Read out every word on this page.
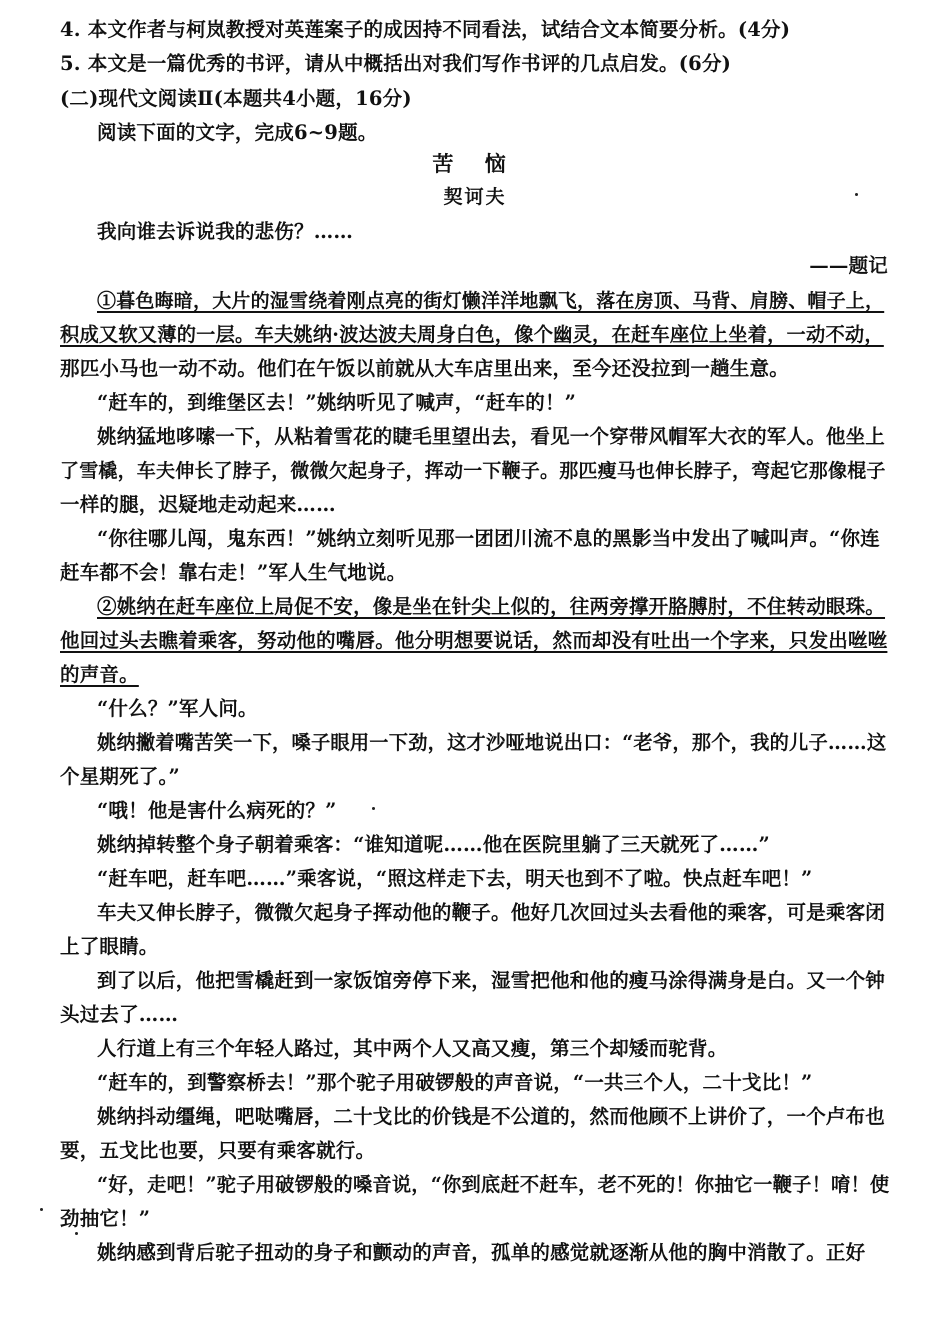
4. 本文作者与柯岚教授对英莲案子的成因持不同看法，试结合文本简要分析。(4分)
5. 本文是一篇优秀的书评，请从中概括出对我们写作书评的几点启发。(6分)
(二)现代文阅读Ⅱ(本题共4小题，16分)
阅读下面的文字，完成6~9题。
苦 恼
契诃夫
我向谁去诉说我的悲伤？……
——题记
①暮色晦暗，大片的湿雪绕着刚点亮的街灯懒洋洋地飘飞，落在房顶、马背、肩膀、帽子上，
积成又软又薄的一层。车夫姚纳·波达波夫周身白色，像个幽灵，在赶车座位上坐着，一动不动，
那匹小马也一动不动。他们在午饭以前就从大车店里出来，至今还没拉到一趟生意。
“赶车的，到维堡区去！”姚纳听见了喊声，“赶车的！”
姚纳猛地哆嗦一下，从粘着雪花的睫毛里望出去，看见一个穿带风帽军大衣的军人。他坐上
了雪橇，车夫伸长了脖子，微微欠起身子，挥动一下鞭子。那匹瘦马也伸长脖子，弯起它那像棍子
一样的腿，迟疑地走动起来……
“你往哪儿闯，鬼东西！”姚纳立刻听见那一团团川流不息的黑影当中发出了喊叫声。“你连
赶车都不会！靠右走！”军人生气地说。
②姚纳在赶车座位上局促不安，像是坐在针尖上似的，往两旁撑开胳膊肘，不住转动眼珠。
他回过头去瞧着乘客，努动他的嘴唇。他分明想要说话，然而却没有吐出一个字来，只发出咝咝
的声音。
“什么？”军人问。
姚纳撇着嘴苦笑一下，嗓子眼用一下劲，这才沙哑地说出口：“老爷，那个，我的儿子……这
个星期死了。”
“哦！他是害什么病死的？”
姚纳掉转整个身子朝着乘客：“谁知道呢……他在医院里躺了三天就死了……”
“赶车吧，赶车吧……”乘客说，“照这样走下去，明天也到不了啦。快点赶车吧！”
车夫又伸长脖子，微微欠起身子挥动他的鞭子。他好几次回过头去看他的乘客，可是乘客闭
上了眼睛。
到了以后，他把雪橇赶到一家饭馆旁停下来，湿雪把他和他的瘦马涂得满身是白。又一个钟
头过去了……
人行道上有三个年轻人路过，其中两个人又高又瘦，第三个却矮而驼背。
“赶车的，到警察桥去！”那个驼子用破锣般的声音说，“一共三个人，二十戈比！”
姚纳抖动缰绳，吧哒嘴唇，二十戈比的价钱是不公道的，然而他顾不上讲价了，一个卢布也
要，五戈比也要，只要有乘客就行。
“好，走吧！”驼子用破锣般的嗓音说，“你到底赶不赶车，老不死的！你抽它一鞭子！唷！使
劲抽它！”
姚纳感到背后驼子扭动的身子和颤动的声音，孤单的感觉就逐渐从他的胸中消散了。正好
